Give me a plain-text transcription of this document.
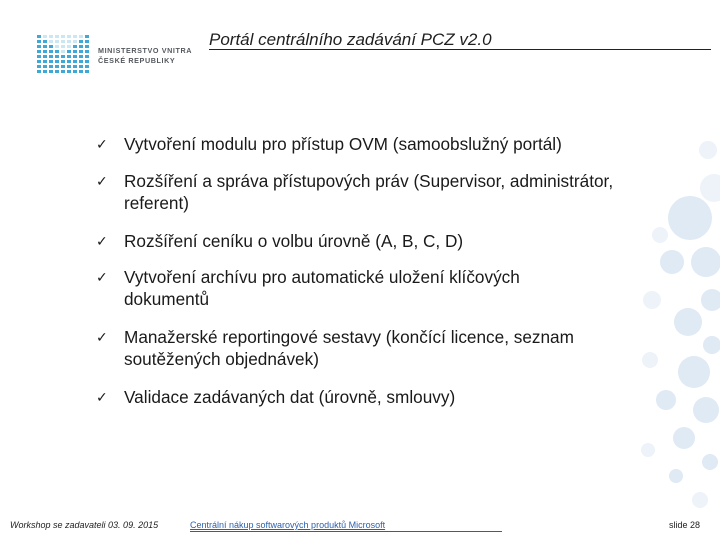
MINISTERSTVO VNITRA
ČESKÉ REPUBLIKY
Portál centrálního zadávání PCZ v2.0
✓ Vytvoření modulu pro přístup OVM (samoobslužný portál)
✓ Rozšíření a správa přístupových práv (Supervisor, administrátor, referent)
✓ Rozšíření ceníku o volbu úrovně (A, B, C, D)
✓ Vytvoření archívu pro automatické uložení klíčových dokumentů
✓ Manažerské reportingové sestavy (končící licence, seznam soutěžených objednávek)
✓ Validace zadávaných dat (úrovně, smlouvy)
Workshop se zadavateli 03. 09. 2015	Centrální nákup softwarových produktů Microsoft	slide 28
